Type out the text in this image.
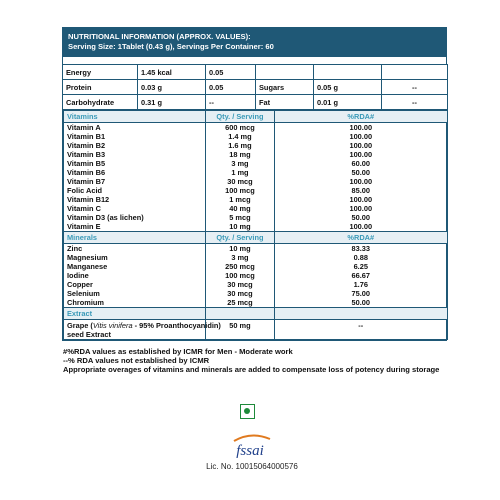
NUTRITIONAL INFORMATION (APPROX. VALUES):
Serving Size: 1Tablet (0.43 g), Servings Per Container: 60
Energy	1.45 kcal	0.05			
Protein	0.03 g	0.05	Sugars	0.05 g	--
Carbohydrate	0.31 g	--	Fat	0.01 g	--
Vitamins	Qty. / Serving	%RDA#
Vitamin A	600 mcg	100.00
Vitamin B1	1.4 mg	100.00
Vitamin B2	1.6 mg	100.00
Vitamin B3	18 mg	100.00
Vitamin B5	3 mg	60.00
Vitamin B6	1 mg	50.00
Vitamin B7	30 mcg	100.00
Folic Acid	100 mcg	85.00
Vitamin B12	1 mcg	100.00
Vitamin C	40 mg	100.00
Vitamin D3 (as lichen)	5 mcg	50.00
Vitamin E	10 mg	100.00
Minerals	Qty. / Serving	%RDA#
Zinc	10 mg	83.33
Magnesium	3 mg	0.88
Manganese	250 mcg	6.25
Iodine	100 mcg	66.67
Copper	30 mcg	1.76
Selenium	30 mcg	75.00
Chromium	25 mcg	50.00
Extract		
Grape (Vitis vinifera - 95% Proanthocyanidin)
seed Extract	50 mg	--
#%RDA values as established by ICMR for Men - Moderate work
--% RDA values not established by ICMR
Appropriate overages of vitamins and minerals are added to compensate loss of potency during storage
fssai
Lic. No. 10015064000576
